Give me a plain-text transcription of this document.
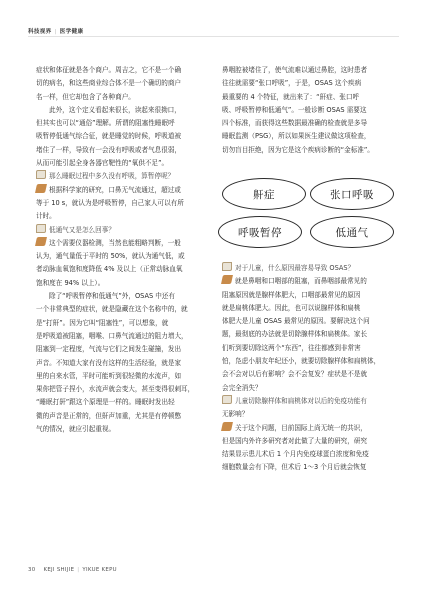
科技视界 | 医学健康

症状和体征就是各个商户。周吉之，它不是一个确

切的病名，和这些商业综合体不是一个确切的商户

名一样，但它却包含了各种商户。

此外，这个定义看起来很长，读起来很拗口，

但其实也可以“通俗”理解。所谓的阻塞性睡眠呼

吸暂停低通气综合征，就是睡觉的时候，呼吸道被

堵住了一样，导致有一会没有呼吸或者气息很弱，

从而可能引起全身各器官靶性的“氧供不足”。

那么睡眠过程中多久没有呼吸，算暂停呢？

根据科学家的研究，口鼻无气流通过，超过或

等于 10 s，就认为是呼吸暂停，自己家人可以有所

计时。

低通气又是怎么回事？

这个需要仪器检测，当然也能粗略判断，一般

认为，通气量低于平时的 50%，就认为通气低，或

者动脉血氧饱和度降低 4% 及以上（正常动脉血氧

饱和度在 94% 以上）。

除了“呼吸暂停和低通气”外，OSAS 中还有

一个非常典型的症状，就是隐藏在这个名称中的，就

是“打鼾”。因为它叫“阻塞性”，可以想象，就

是呼吸道被阻塞，咽喉、口鼻气流通过的阻力增大，

阻塞到一定程度，气流与它们之间发生碰撞，发出

声音。不知道大家有没有这样的生活经验，就是家

里的自来水管，平时可能听到很轻微的水流声，如

果你把管子捏小，水流声就会变大，甚至变得很刺耳，

“睡眠打鼾”跟这个原理是一样的。睡眠时发出轻

微的声音是正常的，但鼾声加重，尤其是有停顿憋

气的情况，就应引起重视。

鼻咽腔被堵住了，使气流难以通过鼻腔，这时患者

往往就需要“张口呼吸”，于是，OSAS 这个疾病

最重要的 4 个特征，就出来了：“鼾症、张口呼

吸、呼吸暂停和低通气”。一般诊断 OSAS 需要这

四个标准，而获得这些数据最准确的检查就是多导

睡眠监测（PSG），所以如果医生建议做这项检查，

切勿盲目拒绝，因为它是这个疾病诊断的“金标准”。

鼾症	张口呼吸
呼吸暂停	低通气

对于儿童，什么原因最容易导致 OSAS？

就是鼻咽和口咽部的阻塞，而鼻咽部最常见的

阻塞原因就是腺样体肥大，口咽部最常见的原因

就是扁桃体肥大。因此，也可以说腺样体和扁桃

体肥大是儿童 OSAS 最常见的原因。要解决这个问

题，最彻底的办法就是切除腺样体和扁桃体。家长

们听到要切除这两个“东西”，往往都感到非常害

怕，凫虑小朋友年纪还小，就要切除腺样体和扁桃体，

会不会对以后有影响？会不会复发？症状是不是就

会完全消失？

儿童切除腺样体和扁桃体对以后的免疫功能有

无影响？

关于这个问题，目前国际上尚无统一的共识，

但是国内外许多研究者对此做了大量的研究，研究

结果显示患儿术后 1 个月内免疫球蛋白浓度和免疫

细胞数量会有下降，但术后 1～3 个月后就会恢复

30 KEJI SHIJIE | YIKUE KEPU
